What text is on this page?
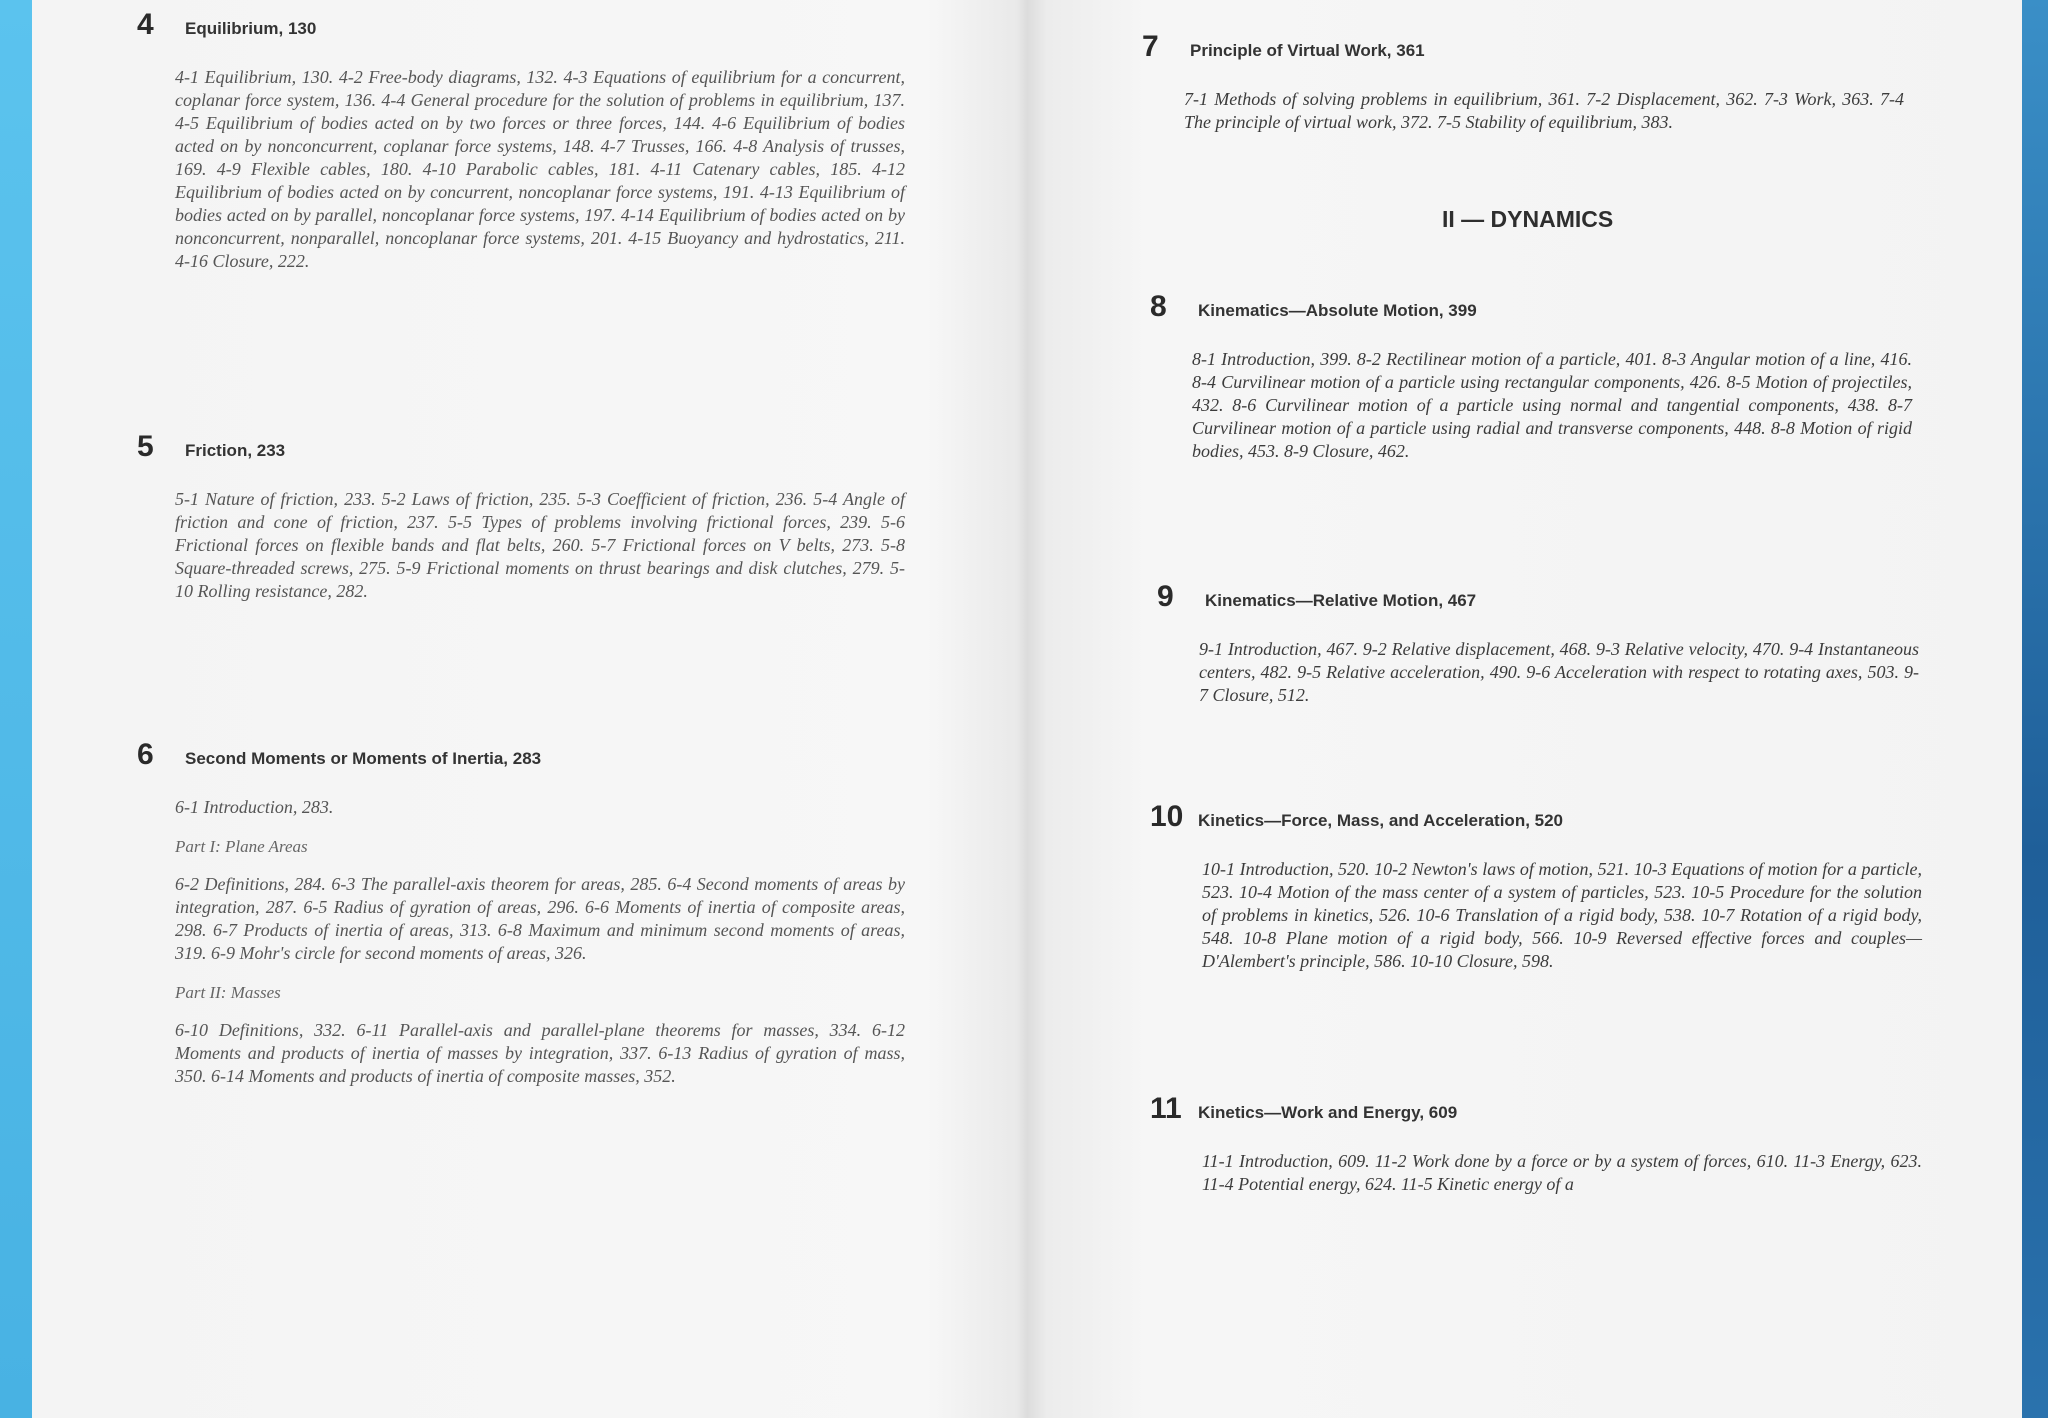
4	Equilibrium, 130
4-1 Equilibrium, 130. 4-2 Free-body diagrams, 132. 4-3 Equations of equilibrium for a concurrent, coplanar force system, 136. 4-4 General procedure for the solution of problems in equilibrium, 137. 4-5 Equilibrium of bodies acted on by two forces or three forces, 144. 4-6 Equilibrium of bodies acted on by nonconcurrent, coplanar force systems, 148. 4-7 Trusses, 166. 4-8 Analysis of trusses, 169. 4-9 Flexible cables, 180. 4-10 Parabolic cables, 181. 4-11 Catenary cables, 185. 4-12 Equilibrium of bodies acted on by concurrent, noncoplanar force systems, 191. 4-13 Equilibrium of bodies acted on by parallel, noncoplanar force systems, 197. 4-14 Equilibrium of bodies acted on by nonconcurrent, nonparallel, noncoplanar force systems, 201. 4-15 Buoyancy and hydrostatics, 211. 4-16 Closure, 222.
5	Friction, 233
5-1 Nature of friction, 233. 5-2 Laws of friction, 235. 5-3 Coefficient of friction, 236. 5-4 Angle of friction and cone of friction, 237. 5-5 Types of problems involving frictional forces, 239. 5-6 Frictional forces on flexible bands and flat belts, 260. 5-7 Frictional forces on V belts, 273. 5-8 Square-threaded screws, 275. 5-9 Frictional moments on thrust bearings and disk clutches, 279. 5-10 Rolling resistance, 282.
6	Second Moments or Moments of Inertia, 283
6-1 Introduction, 283.
Part I: Plane Areas
6-2 Definitions, 284. 6-3 The parallel-axis theorem for areas, 285. 6-4 Second moments of areas by integration, 287. 6-5 Radius of gyration of areas, 296. 6-6 Moments of inertia of composite areas, 298. 6-7 Products of inertia of areas, 313. 6-8 Maximum and minimum second moments of areas, 319. 6-9 Mohr's circle for second moments of areas, 326.
Part II: Masses
6-10 Definitions, 332. 6-11 Parallel-axis and parallel-plane theorems for masses, 334. 6-12 Moments and products of inertia of masses by integration, 337. 6-13 Radius of gyration of mass, 350. 6-14 Moments and products of inertia of composite masses, 352.
7	Principle of Virtual Work, 361
7-1 Methods of solving problems in equilibrium, 361. 7-2 Displacement, 362. 7-3 Work, 363. 7-4 The principle of virtual work, 372. 7-5 Stability of equilibrium, 383.
II — DYNAMICS
8	Kinematics—Absolute Motion, 399
8-1 Introduction, 399. 8-2 Rectilinear motion of a particle, 401. 8-3 Angular motion of a line, 416. 8-4 Curvilinear motion of a particle using rectangular components, 426. 8-5 Motion of projectiles, 432. 8-6 Curvilinear motion of a particle using normal and tangential components, 438. 8-7 Curvilinear motion of a particle using radial and transverse components, 448. 8-8 Motion of rigid bodies, 453. 8-9 Closure, 462.
9	Kinematics—Relative Motion, 467
9-1 Introduction, 467. 9-2 Relative displacement, 468. 9-3 Relative velocity, 470. 9-4 Instantaneous centers, 482. 9-5 Relative acceleration, 490. 9-6 Acceleration with respect to rotating axes, 503. 9-7 Closure, 512.
10 Kinetics—Force, Mass, and Acceleration, 520
10-1 Introduction, 520. 10-2 Newton's laws of motion, 521. 10-3 Equations of motion for a particle, 523. 10-4 Motion of the mass center of a system of particles, 523. 10-5 Procedure for the solution of problems in kinetics, 526. 10-6 Translation of a rigid body, 538. 10-7 Rotation of a rigid body, 548. 10-8 Plane motion of a rigid body, 566. 10-9 Reversed effective forces and couples—D'Alembert's principle, 586. 10-10 Closure, 598.
11 Kinetics—Work and Energy, 609
11-1 Introduction, 609. 11-2 Work done by a force or by a system of forces, 610. 11-3 Energy, 623. 11-4 Potential energy, 624. 11-5 Kinetic energy of a
